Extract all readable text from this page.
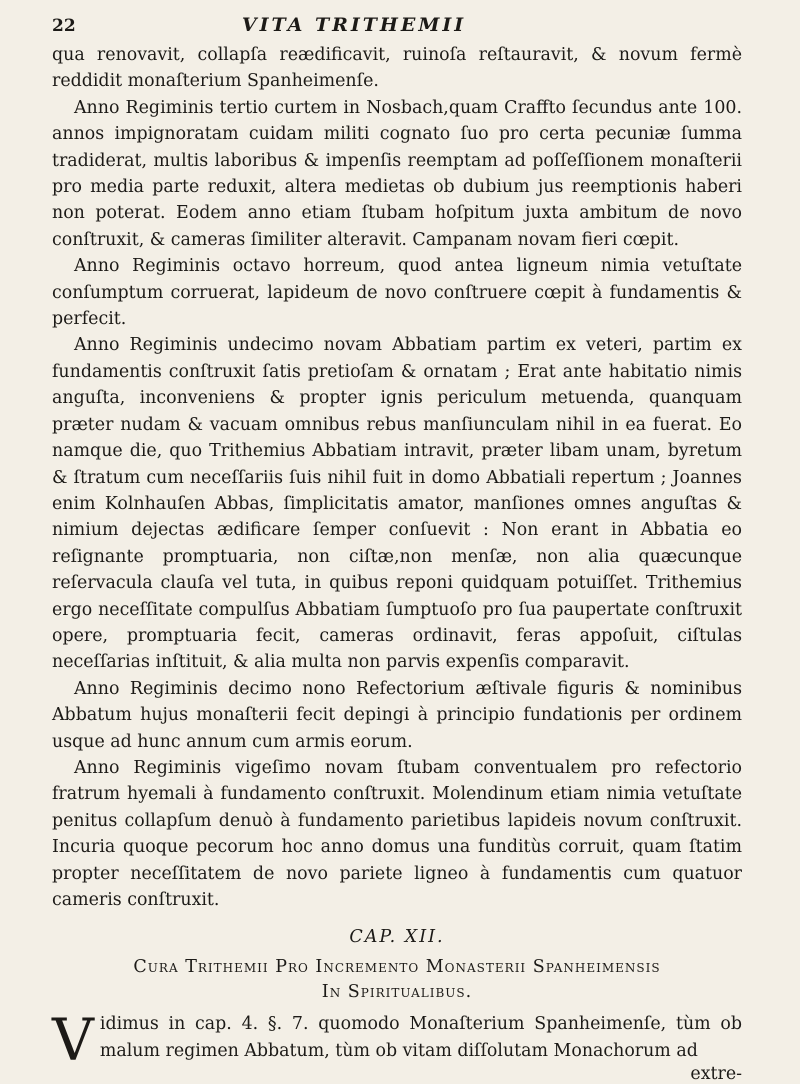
22	VITA TRITHEMII

qua renovavit, collapſa reædificavit, ruinoſa reſtauravit, & novum fermè reddidit monaſterium Spanheimenſe.

Anno Regiminis tertio curtem in Nosbach,quam Craffto ſecundus ante 100. annos impignoratam cuidam militi cognato ſuo pro certa pecuniæ ſumma tradiderat, multis laboribus & impenſis reemptam ad poſſeſſionem monaſterii pro media parte reduxit, altera medietas ob dubium jus reemptionis haberi non poterat. Eodem anno etiam ſtubam hoſpitum juxta ambitum de novo conſtruxit, & cameras ſimiliter alteravit. Campanam novam fieri cœpit.

Anno Regiminis octavo horreum, quod antea ligneum nimia vetuſtate conſumptum corruerat, lapideum de novo conſtruere cœpit à fundamentis & perfecit.

Anno Regiminis undecimo novam Abbatiam partim ex veteri, partim ex fundamentis conſtruxit ſatis pretioſam & ornatam ; Erat ante habitatio nimis anguſta, inconveniens & propter ignis periculum metuenda, quanquam præter nudam & vacuam omnibus rebus manſiunculam nihil in ea fuerat. Eo namque die, quo Trithemius Abbatiam intravit, præter libam unam, byretum & ſtratum cum neceſſariis ſuis nihil fuit in domo Abbatiali repertum ; Joannes enim Kolnhauſen Abbas, ſimplicitatis amator, manſiones omnes anguſtas & nimium dejectas ædificare ſemper conſuevit : Non erant in Abbatia eo reſignante promptuaria, non ciſtæ,non menſæ, non alia quæcunque reſervacula clauſa vel tuta, in quibus reponi quidquam potuiſſet. Trithemius ergo neceſſitate compulſus Abbatiam ſumptuoſo pro ſua paupertate conſtruxit opere, promptuaria fecit, cameras ordinavit, feras appoſuit, ciſtulas neceſſarias inſtituit, & alia multa non parvis expenſis comparavit.

Anno Regiminis decimo nono Refectorium æſtivale figuris & nominibus Abbatum hujus monaſterii fecit depingi à principio fundationis per ordinem usque ad hunc annum cum armis eorum.

Anno Regiminis vigeſimo novam ſtubam conventualem pro refectorio fratrum hyemali à fundamento conſtruxit. Molendinum etiam nimia vetuſtate penitus collapſum denuò à fundamento parietibus lapideis novum conſtruxit. Incuria quoque pecorum hoc anno domus una funditùs corruit, quam ſtatim propter neceſſitatem de novo pariete ligneo à fundamentis cum quatuor cameris conſtruxit.

CAP. XII.
Cura Trithemii Pro Incremento Monasterii Spanheimensis
In Spiritualibus.
V idimus in cap. 4. §. 7. quomodo Monaſterium Spanheimenſe, tùm ob malum regimen Abbatum, tùm ob vitam diſſolutam Monachorum ad
extre-
